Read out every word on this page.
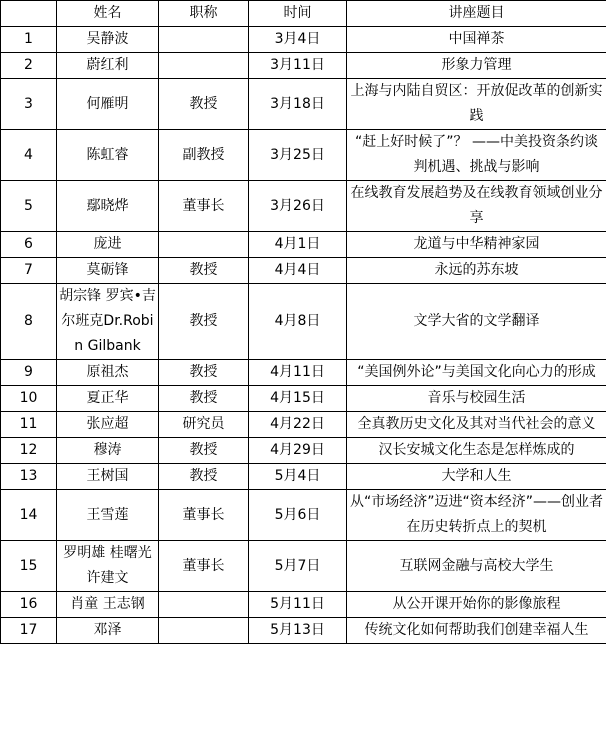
	姓名	职称	时间	讲座题目
1	吴静波		3月4日	中国禅茶
2	蔚红利		3月11日	形象力管理
3	何雁明	教授	3月18日	上海与内陆自贸区：开放促改革的创新实践
4	陈虹睿	副教授	3月25日	“赶上好时候了”？ ——中美投资条约谈判机遇、挑战与影响
5	鄢晓烨	董事长	3月26日	在线教育发展趋势及在线教育领域创业分享
6	庞进		4月1日	龙道与中华精神家园
7	莫砺锋	教授	4月4日	永远的苏东坡
8	胡宗锋 罗宾•吉尔班克Dr.Robin Gilbank	教授	4月8日	文学大省的文学翻译
9	原祖杰	教授	4月11日	“美国例外论”与美国文化向心力的形成
10	夏正华	教授	4月15日	音乐与校园生活
11	张应超	研究员	4月22日	全真教历史文化及其对当代社会的意义
12	穆涛	教授	4月29日	汉长安城文化生态是怎样炼成的
13	王树国	教授	5月4日	大学和人生
14	王雪莲	董事长	5月6日	从“市场经济”迈进“资本经济”——创业者在历史转折点上的契机
15	罗明雄 桂曙光 许建文	董事长	5月7日	互联网金融与高校大学生
16	肖童 王志钢		5月11日	从公开课开始你的影像旅程
17	邓泽		5月13日	传统文化如何帮助我们创建幸福人生
